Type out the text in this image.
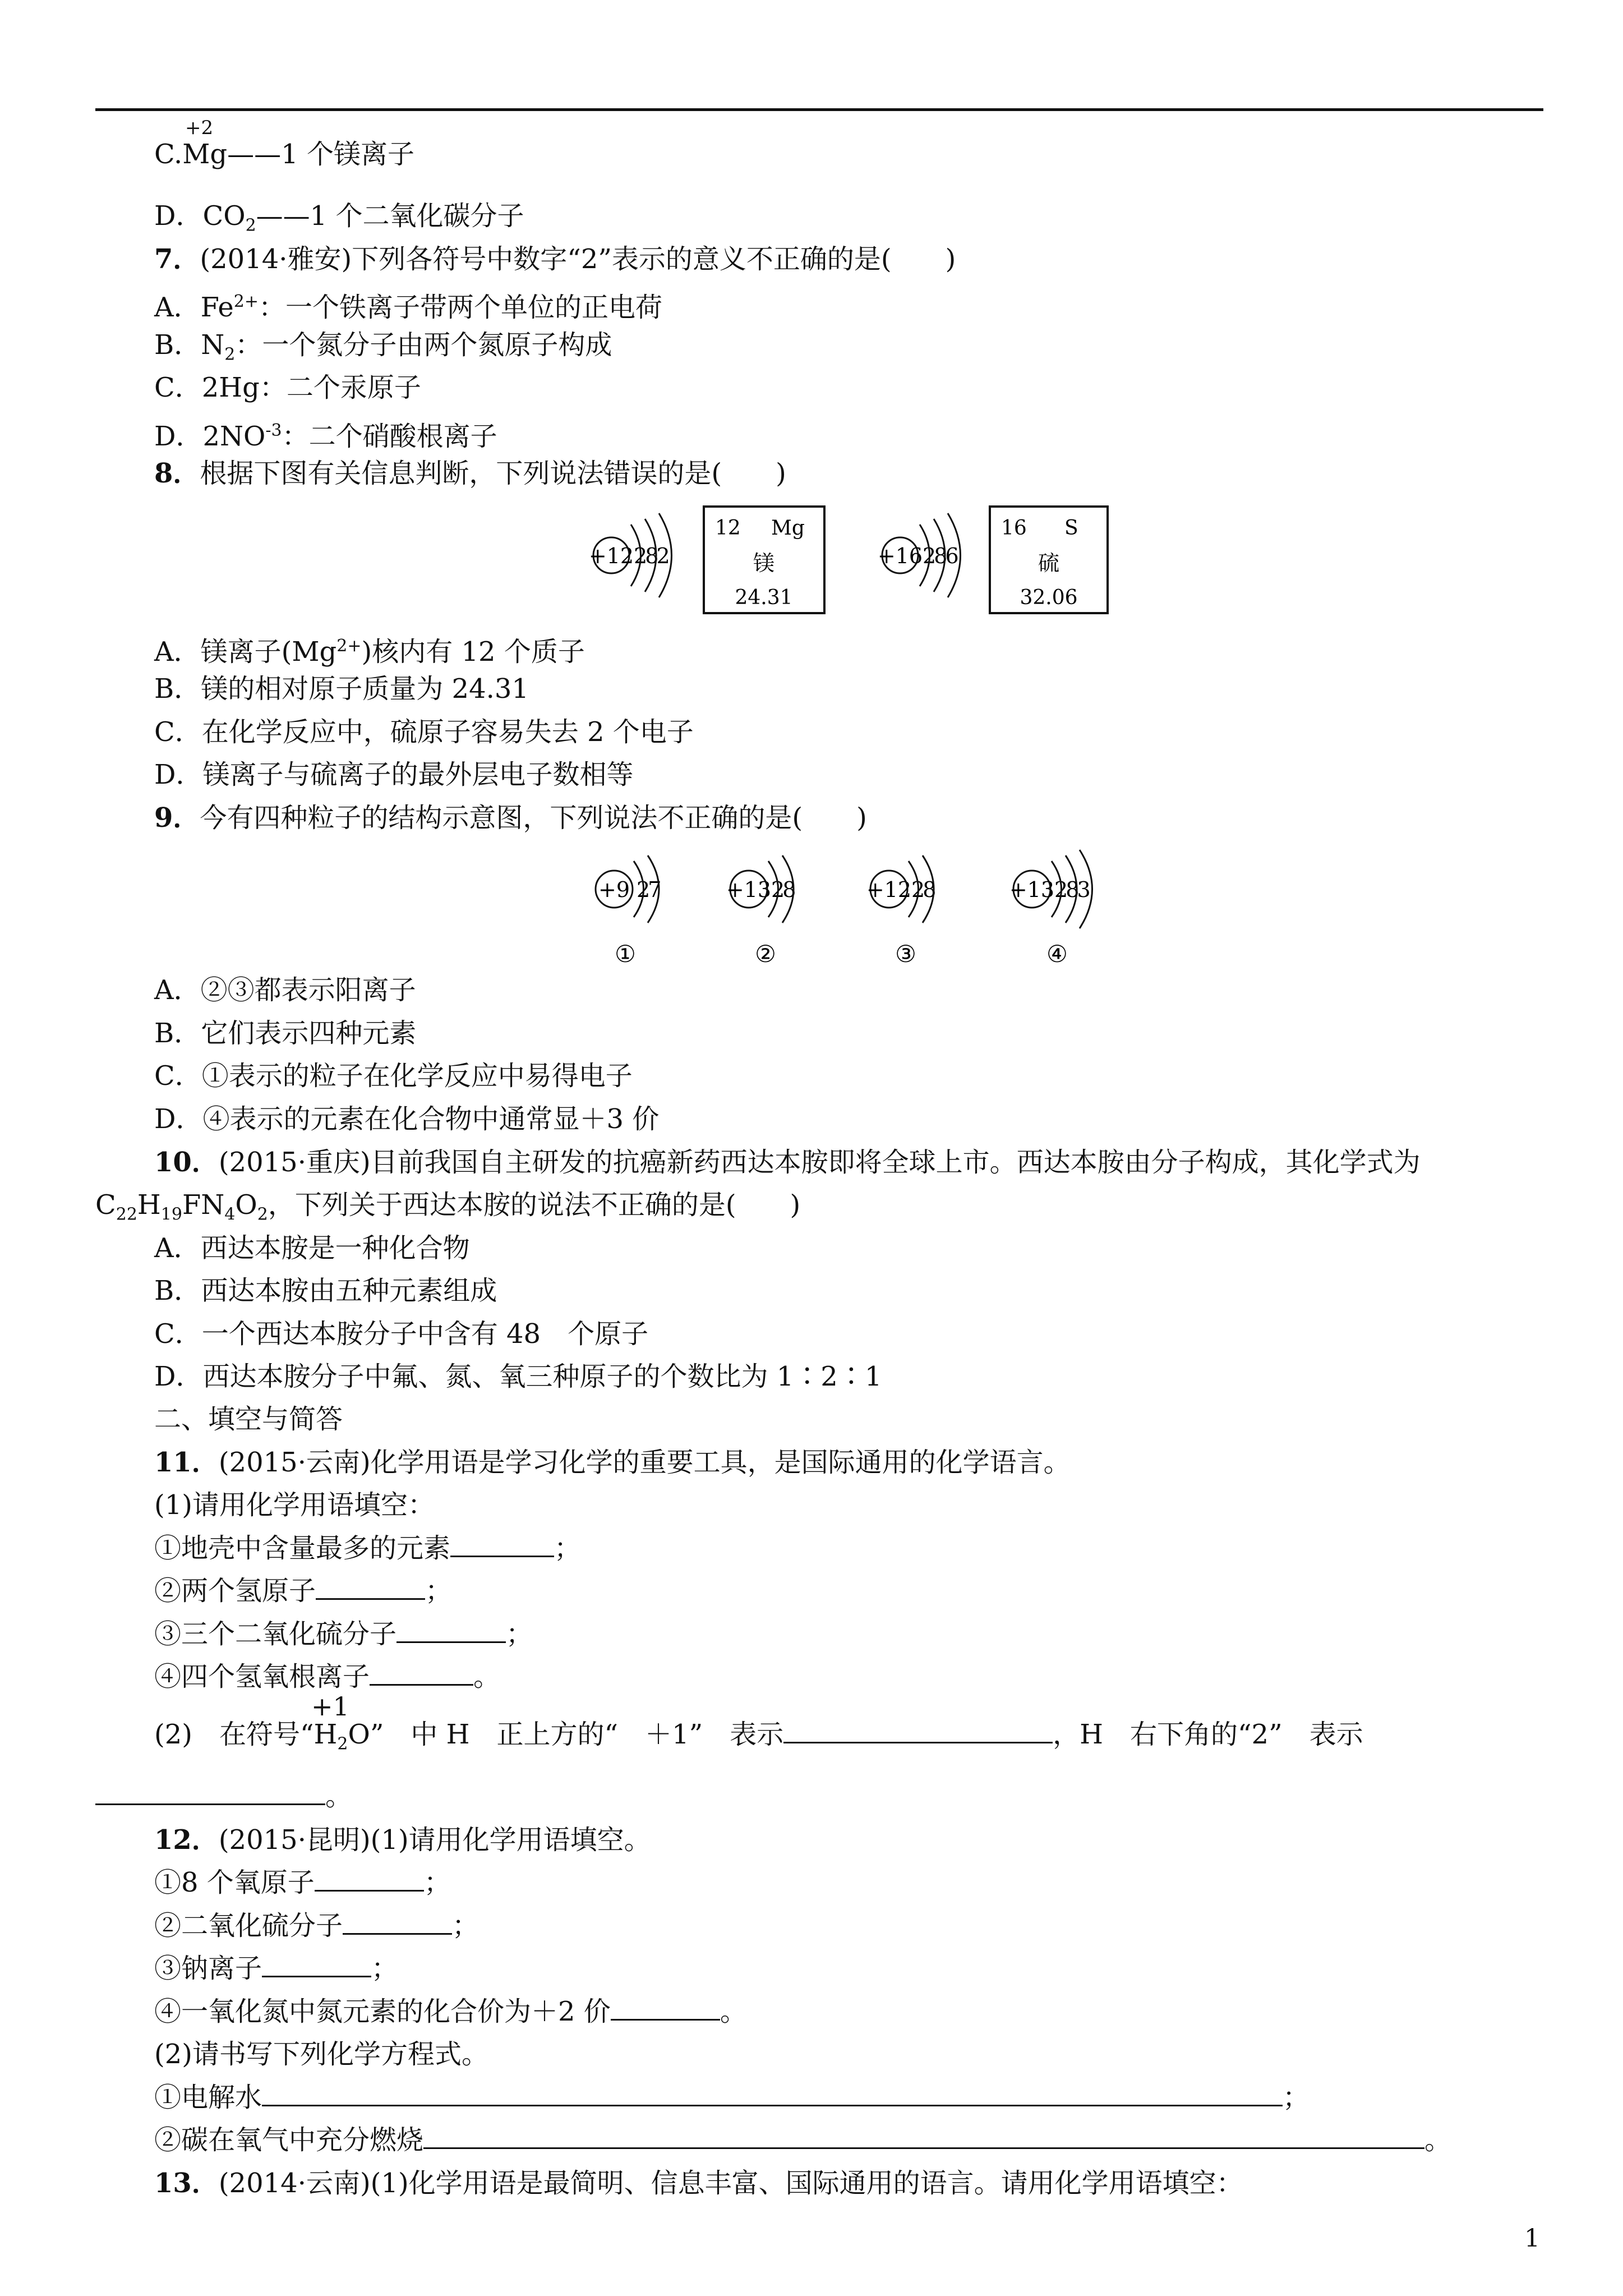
+2
C.Mg——1 个镁离子
D．$CO_2——1$ 个二氧化碳分子
7．(2014·雅安)下列各符号中数字“2”表示的意义不正确的是(　　)
A．$Fe^{2+}$：一个铁离子带两个单位的正电荷
B．$N_2$：一个氮分子由两个氮原子构成
C．2Hg：二个汞原子
D．$2NO^{-3}$：二个硝酸根离子
8．根据下图有关信息判断，下列说法错误的是(　　)
+12 2 8 2
12 Mg
镁
24.31
+16 2 8 6
16 S
硫
32.06
A．镁离子$(Mg^{2+})$核内有 12 个质子
B．镁的相对原子质量为 24.31
C．在化学反应中，硫原子容易失去 2 个电子
D．镁离子与硫离子的最外层电子数相等
9．今有四种粒子的结构示意图，下列说法不正确的是(　　)
+9 2 7
①
+13 2 8
②
+12 2 8
③
+13 2 8 3
④
A．②③都表示阳离子
B．它们表示四种元素
C．①表示的粒子在化学反应中易得电子
D．④表示的元素在化合物中通常显＋3 价
10．(2015·重庆)目前我国自主研发的抗癌新药西达本胺即将全球上市。西达本胺由分子构成，其化学式为
$C_{22}H_{19}FN_4O_2$，下列关于西达本胺的说法不正确的是(　　)
A．西达本胺是一种化合物
B．西达本胺由五种元素组成
C．一个西达本胺分子中含有 48　个原子
D．西达本胺分子中氟、氮、氧三种原子的个数比为 1∶2∶1
二、填空与简答
11．(2015·云南)化学用语是学习化学的重要工具，是国际通用的化学语言。
(1)请用化学用语填空：
①地壳中含量最多的元素	；
②两个氢原子	；
③三个二氧化硫分子	；
④四个氢氧根离子	。
+1
(2)　在符号“$H_2O$”　中 H　正上方的“　＋1”　表示	，H　右下角的“2”　表示
。
12．(2015·昆明)(1)请用化学用语填空。
①8 个氧原子	；
②二氧化硫分子	；
③钠离子	；
④一氧化氮中氮元素的化合价为＋2 价	。
(2)请书写下列化学方程式。
①电解水	；
②碳在氧气中充分燃烧	。
13．(2014·云南)(1)化学用语是最简明、信息丰富、国际通用的语言。请用化学用语填空：
1
